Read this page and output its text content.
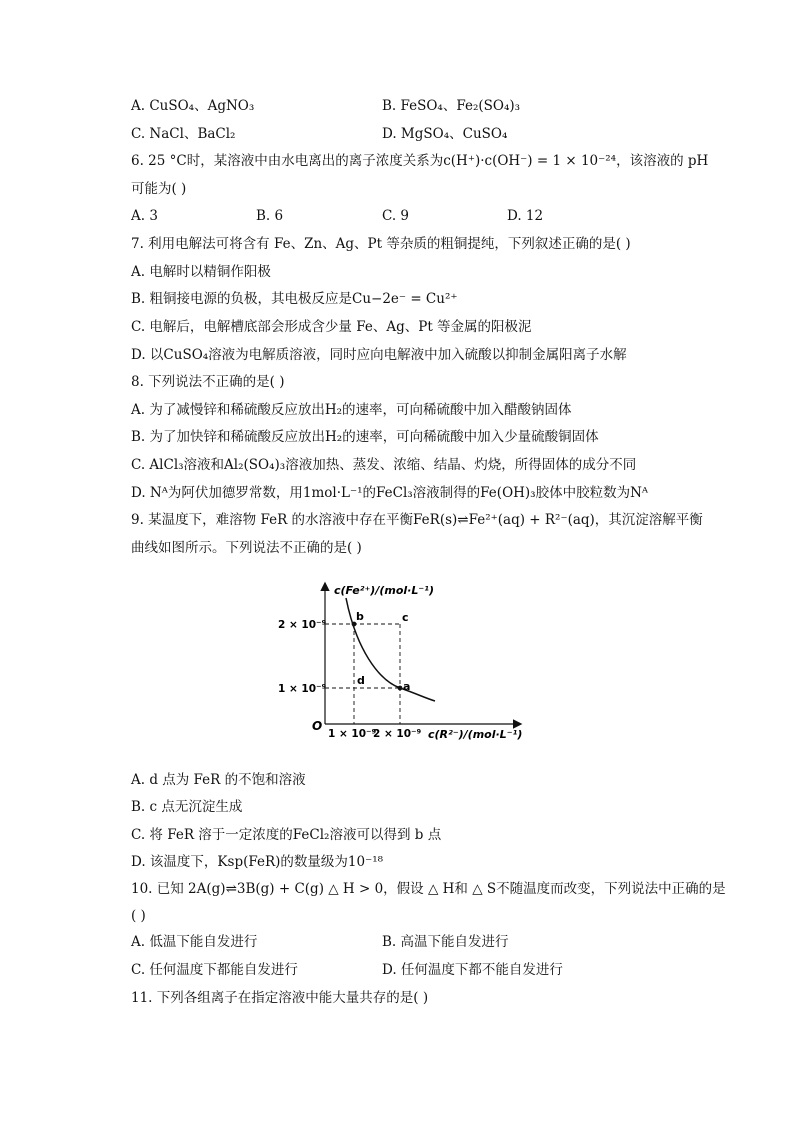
A. CuSO₄、AgNO₃	B. FeSO₄、Fe₂(SO₄)₃
C. NaCl、BaCl₂	D. MgSO₄、CuSO₄
6. 25 °C时，某溶液中由水电离出的离子浓度关系为c(H⁺)·c(OH⁻) = 1 × 10⁻²⁴，该溶液的 pH
可能为( )
A. 3	B. 6	C. 9	D. 12
7. 利用电解法可将含有 Fe、Zn、Ag、Pt 等杂质的粗铜提纯，下列叙述正确的是( )
A. 电解时以精铜作阳极
B. 粗铜接电源的负极，其电极反应是Cu−2e⁻ = Cu²⁺
C. 电解后，电解槽底部会形成含少量 Fe、Ag、Pt 等金属的阳极泥
D. 以CuSO₄溶液为电解质溶液，同时应向电解液中加入硫酸以抑制金属阳离子水解
8. 下列说法不正确的是( )
A. 为了减慢锌和稀硫酸反应放出H₂的速率，可向稀硫酸中加入醋酸钠固体
B. 为了加快锌和稀硫酸反应放出H₂的速率，可向稀硫酸中加入少量硫酸铜固体
C. AlCl₃溶液和Al₂(SO₄)₃溶液加热、蒸发、浓缩、结晶、灼烧，所得固体的成分不同
D. Nᴬ为阿伏加德罗常数，用1mol·L⁻¹的FeCl₃溶液制得的Fe(OH)₃胶体中胶粒数为Nᴬ
9. 某温度下，难溶物 FeR 的水溶液中存在平衡FeR(s)⇌Fe²⁺(aq) + R²⁻(aq)，其沉淀溶解平衡
曲线如图所示。下列说法不正确的是( )
c(Fe²⁺)/(mol·L⁻¹)
c(R²⁻)/(mol·L⁻¹)
O
2 × 10⁻⁹
1 × 10⁻⁹
1 × 10⁻⁹
2 × 10⁻⁹
b	c
d	a
A. d 点为 FeR 的不饱和溶液
B. c 点无沉淀生成
C. 将 FeR 溶于一定浓度的FeCl₂溶液可以得到 b 点
D. 该温度下，Ksp(FeR)的数量级为10⁻¹⁸
10. 已知 2A(g)⇌3B(g) + C(g) △ H > 0，假设 △ H和 △ S不随温度而改变，下列说法中正确的是
( )
A. 低温下能自发进行	B. 高温下能自发进行
C. 任何温度下都能自发进行	D. 任何温度下都不能自发进行
11. 下列各组离子在指定溶液中能大量共存的是( )
